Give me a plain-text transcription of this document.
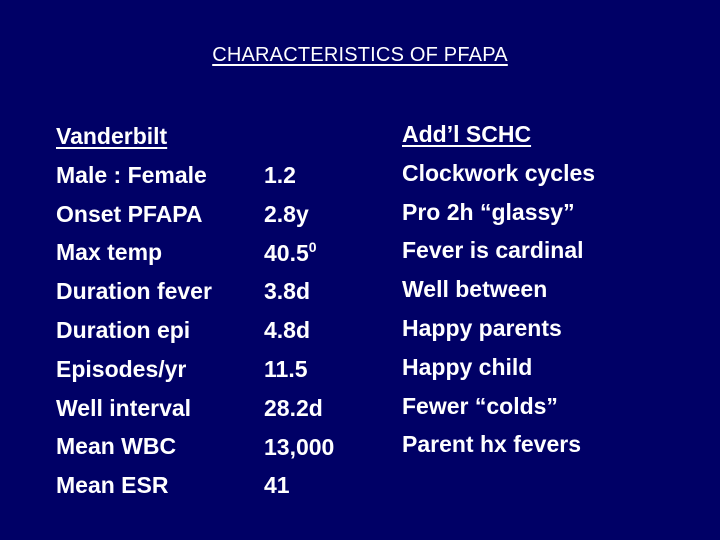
CHARACTERISTICS OF PFAPA
Vanderbilt
Male : Female
Onset PFAPA
Max temp
Duration fever
Duration epi
Episodes/yr
Well interval
Mean WBC
Mean ESR
1.2
2.8y
40.5$^0$
3.8d
4.8d
11.5
28.2d
13,000
41
Add’l SCHC
Clockwork cycles
Pro 2h “glassy”
Fever is cardinal
Well between
Happy parents
Happy child
Fewer “colds”
Parent hx fevers
